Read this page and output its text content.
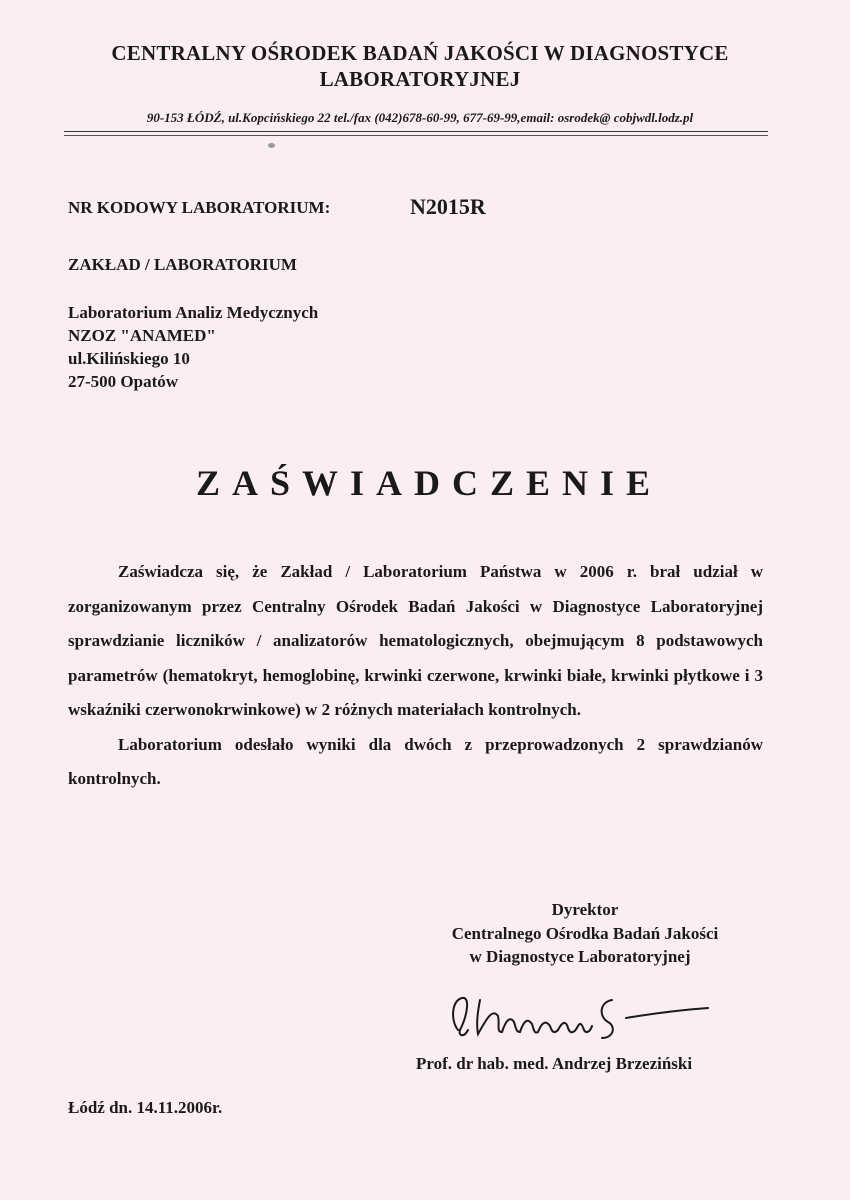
CENTRALNY OŚRODEK BADAŃ JAKOŚCI W DIAGNOSTYCE
LABORATORYJNEJ
90-153 ŁÓDŹ, ul.Kopcińskiego 22 tel./fax (042)678-60-99, 677-69-99,email: osrodek@ cobjwdl.lodz.pl
NR KODOWY LABORATORIUM:	N2015R
ZAKŁAD / LABORATORIUM
Laboratorium Analiz Medycznych
NZOZ "ANAMED"
ul.Kilińskiego 10
27-500 Opatów
ZAŚWIADCZENIE

Zaświadcza się, że Zakład / Laboratorium Państwa w 2006 r. brał udział w zorganizowanym przez Centralny Ośrodek Badań Jakości w Diagnostyce Laboratoryjnej sprawdzianie liczników / analizatorów hematologicznych, obejmującym 8 podstawowych parametrów (hematokryt, hemoglobinę, krwinki czerwone, krwinki białe, krwinki płytkowe i 3 wskaźniki czerwonokrwinkowe) w 2 różnych materiałach kontrolnych.

Laboratorium odesłało wyniki dla dwóch z przeprowadzonych 2 sprawdzianów kontrolnych.

Dyrektor
Centralnego Ośrodka Badań Jakości
w Diagnostyce Laboratoryjnej
Prof. dr hab. med. Andrzej Brzeziński
Łódź dn. 14.11.2006r.
